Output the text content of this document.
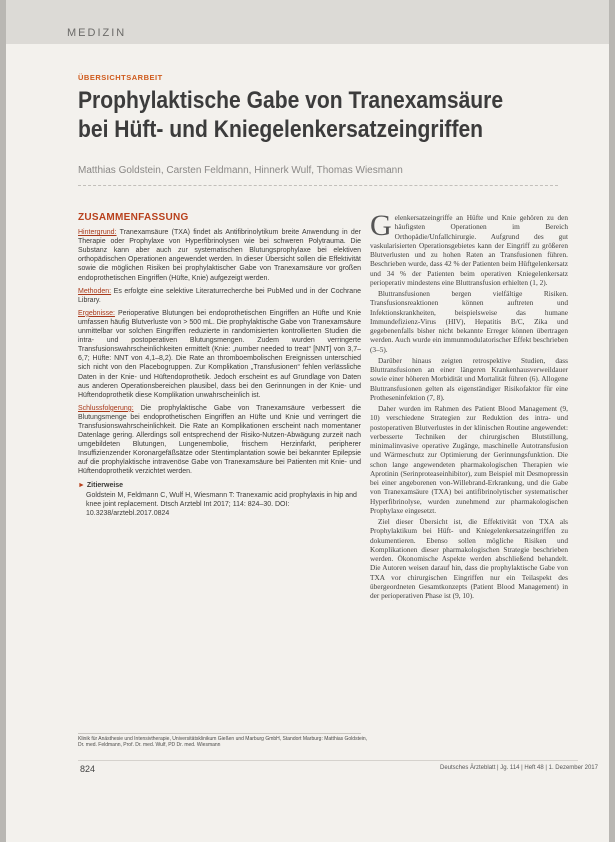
MEDIZIN
ÜBERSICHTSARBEIT
Prophylaktische Gabe von Tranexamsäure
bei Hüft- und Kniegelenkersatzeingriffen
Matthias Goldstein, Carsten Feldmann, Hinnerk Wulf, Thomas Wiesmann
ZUSAMMENFASSUNG

Hintergrund: Tranexamsäure (TXA) findet als Antifibrinolytikum breite Anwendung in der Therapie oder Prophylaxe von Hyperfibrinolysen wie bei schweren Polytrauma. Die Substanz kann aber auch zur systematischen Blutungsprophylaxe bei elektiven orthopädischen Operationen angewendet werden. In dieser Übersicht sollen die Effektivität sowie die möglichen Risiken bei prophylaktischer Gabe von Tranexamsäure vor großen endoprothetischen Eingriffen (Hüfte, Knie) aufgezeigt werden.

Methoden: Es erfolgte eine selektive Literaturrecherche bei PubMed und in der Cochrane Library.

Ergebnisse: Perioperative Blutungen bei endoprothetischen Eingriffen an Hüfte und Knie umfassen häufig Blutverluste von > 500 mL. Die prophylaktische Gabe von Tranexamsäure unmittelbar vor solchen Eingriffen reduzierte in randomisierten kontrollierten Studien die intra- und postoperativen Blutungsmengen. Zudem wurden verringerte Transfusionswahrscheinlichkeiten ermittelt (Knie: „number needed to treat“ [NNT] von 3,7–6,7; Hüfte: NNT von 4,1–8,2). Die Rate an thromboembolischen Ereignissen unterschied sich nicht von den Placebogruppen. Zur Komplikation „Transfusionen“ fehlen verlässliche Daten in der Knie- und Hüftendoprothetik. Jedoch erscheint es auf Grundlage von Daten aus anderen Operationsbereichen plausibel, dass bei den Gerinnungen in der Knie- und Hüftendoprothetik diese Komplikation unwahrscheinlich ist.

Schlussfolgerung: Die prophylaktische Gabe von Tranexamsäure verbessert die Blutungsmenge bei endoprothetischen Eingriffen an Hüfte und Knie und verringert die Transfusionswahrscheinlichkeit. Die Rate an Komplikationen erscheint nach momentaner Datenlage gering. Allerdings soll entsprechend der Risiko-Nutzen-Abwägung zurzeit nach umgebildeten Blutungen, Lungenembolie, frischem Herzinfarkt, peripherer Insuffizienzender Koronargefäßsätze oder Stentimplantation sowie bei bekannter Epilepsie auf die prophylaktische intravenöse Gabe von Tranexamsäure bei Patienten mit Knie- und Hüftendoprothetik verzichtet werden.

► Zitierweise
Goldstein M, Feldmann C, Wulf H, Wiesmann T: Tranexamic acid prophylaxis in hip and knee joint replacement. Dtsch Arztebl Int 2017; 114: 824–30. DOI: 10.3238/arztebl.2017.0824

Gelenkersatzeingriffe an Hüfte und Knie gehören zu den häufigsten Operationen im Bereich Orthopädie/Unfallchirurgie. Aufgrund des gut vaskularisierten Operationsgebietes kann der Eingriff zu größeren Blutverlusten und zu hohen Raten an Transfusionen führen. Beschrieben wurde, dass 42 % der Patienten beim Hüftgelenkersatz und 34 % der Patienten beim operativen Kniegelenkersatz perioperativ mindestens eine Bluttransfusion erhielten (1, 2).

Bluttransfusionen bergen vielfältige Risiken. Transfusionsreaktionen können auftreten und Infektionskrankheiten, beispielsweise das humane Immundefizienz-Virus (HIV), Hepatitis B/C, Zika und gegebenenfalls bisher nicht bekannte Erreger können übertragen werden. Auch wurde ein immunmodulatorischer Effekt beschrieben (3–5).

Darüber hinaus zeigten retrospektive Studien, dass Bluttransfusionen an einer längeren Krankenhausverweildauer sowie einer höheren Morbidität und Mortalität führen (6). Allogene Bluttransfusionen gelten als eigenständiger Risikofaktor für eine Protheseninfektion (7, 8).

Daher wurden im Rahmen des Patient Blood Management (9, 10) verschiedene Strategien zur Reduktion des intra- und postoperativen Blutverlustes in der klinischen Routine angewendet: verbesserte Techniken der chirurgischen Blutstillung, minimalinvasive operative Zugänge, maschinelle Autotransfusion und Wärmeschutz zur Optimierung der Gerinnungsfunktion. Die schon lange angewendeten pharmakologischen Therapien wie Aprotinin (Serinproteaseinhibitor), zum Beispiel mit Desmopressin bei einer angeborenen von-Willebrand-Erkrankung, und die Gabe von Tranexamsäure (TXA) bei antifibrinolytischer systematischer Hyperfibrinolyse, wurden zunehmend zur pharmakologischen Prophylaxe eingesetzt.

Ziel dieser Übersicht ist, die Effektivität von TXA als Prophylaktikum bei Hüft- und Kniegelenkersatzeingriffen zu dokumentieren. Ebenso sollen mögliche Risiken und Komplikationen dieser pharmakologischen Strategie beschrieben werden. Ökonomische Aspekte werden abschließend behandelt. Die Autoren weisen darauf hin, dass die prophylaktische Gabe von TXA vor chirurgischen Eingriffen nur ein Teilaspekt des übergeordneten Gesamtkonzepts (Patient Blood Management) in der perioperativen Phase ist (9, 10).

Klinik für Anästhesie und Intensivtherapie, Universitätsklinikum Gießen und Marburg GmbH, Standort Marburg: Matthias Goldstein, Dr. med. Feldmann, Prof. Dr. med. Wulf, PD Dr. med. Wiesmann
824	Deutsches Ärzteblatt | Jg. 114 | Heft 48 | 1. Dezember 2017
